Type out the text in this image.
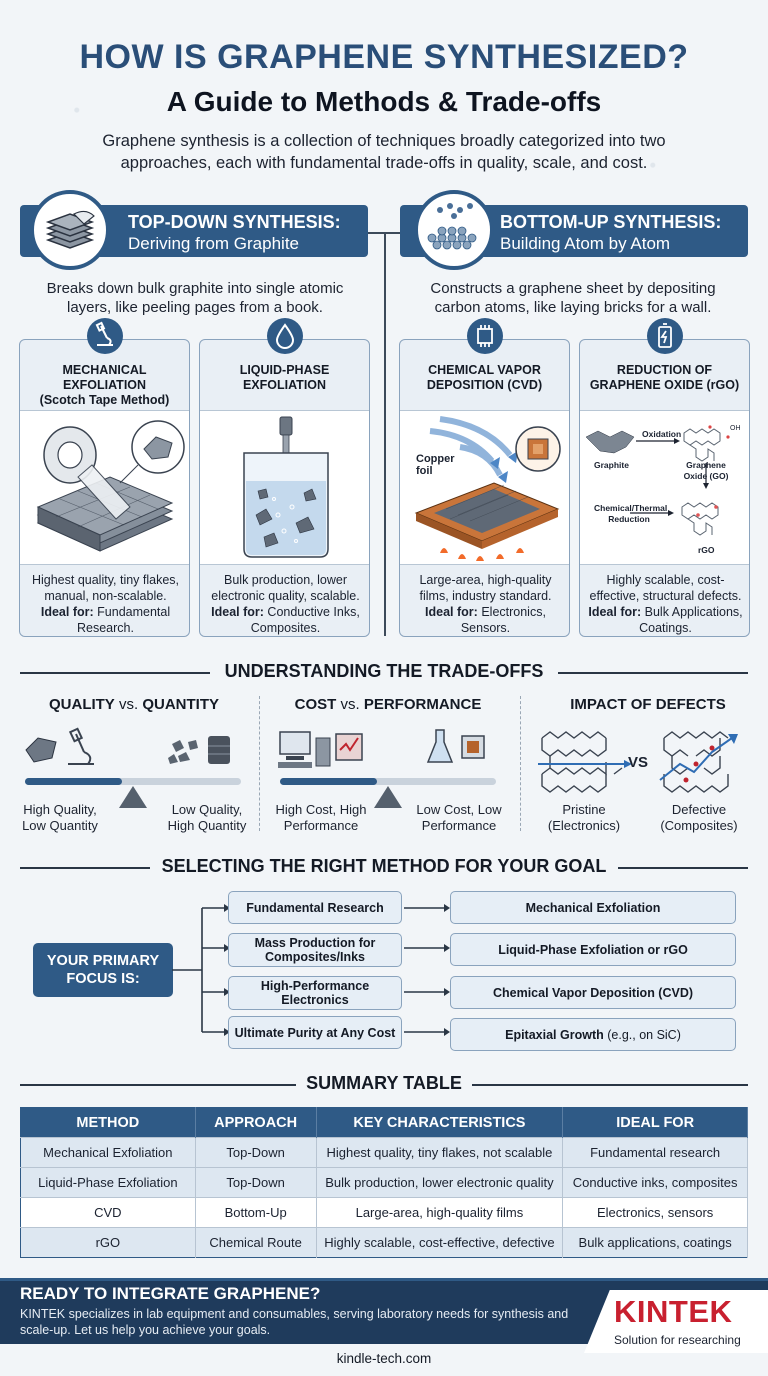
HOW IS GRAPHENE SYNTHESIZED?
A Guide to Methods & Trade-offs
Graphene synthesis is a collection of techniques broadly categorized into two approaches, each with fundamental trade-offs in quality, scale, and cost.
TOP-DOWN SYNTHESIS:
Deriving from Graphite
Breaks down bulk graphite into single atomic layers, like peeling pages from a book.
BOTTOM-UP SYNTHESIS:
Building Atom by Atom
Constructs a graphene sheet by depositing carbon atoms, like laying bricks for a wall.
MECHANICAL EXFOLIATION
(Scotch Tape Method)
Highest quality, tiny flakes, manual, non-scalable.
Ideal for: Fundamental Research.
LIQUID-PHASE EXFOLIATION
Bulk production, lower electronic quality, scalable.
Ideal for: Conductive Inks, Composites.
CHEMICAL VAPOR DEPOSITION (CVD)
Copper foil
Large-area, high-quality films, industry standard.
Ideal for: Electronics, Sensors.
REDUCTION OF GRAPHENE OXIDE (rGO)
Oxidation
Graphite	Graphene Oxide (GO)
OH
Chemical/Thermal Reduction
rGO
Highly scalable, cost-effective, structural defects.
Ideal for: Bulk Applications, Coatings.
UNDERSTANDING THE TRADE-OFFS
QUALITY vs. QUANTITY
High Quality, Low Quantity
Low Quality, High Quantity
COST vs. PERFORMANCE
High Cost, High Performance
Low Cost, Low Performance
IMPACT OF DEFECTS
VS
Pristine (Electronics)
Defective (Composites)
SELECTING THE RIGHT METHOD FOR YOUR GOAL
YOUR PRIMARY FOCUS IS:
Fundamental Research
Mass Production for Composites/Inks
High-Performance Electronics
Ultimate Purity at Any Cost
Mechanical Exfoliation
Liquid-Phase Exfoliation or rGO
Chemical Vapor Deposition (CVD)
Epitaxial Growth
(e.g., on SiC)
SUMMARY TABLE
METHOD	APPROACH	KEY CHARACTERISTICS	IDEAL FOR
Mechanical Exfoliation	Top-Down	Highest quality, tiny flakes, not scalable	Fundamental research
Liquid-Phase Exfoliation	Top-Down	Bulk production, lower electronic quality	Conductive inks, composites
CVD	Bottom-Up	Large-area, high-quality films	Electronics, sensors
rGO	Chemical Route	Highly scalable, cost-effective, defective	Bulk applications, coatings
READY TO INTEGRATE GRAPHENE?
KINTEK specializes in lab equipment and consumables, serving laboratory needs for synthesis and scale-up. Let us help you achieve your goals.
KINTEK
Solution for researching
kindle-tech.com
